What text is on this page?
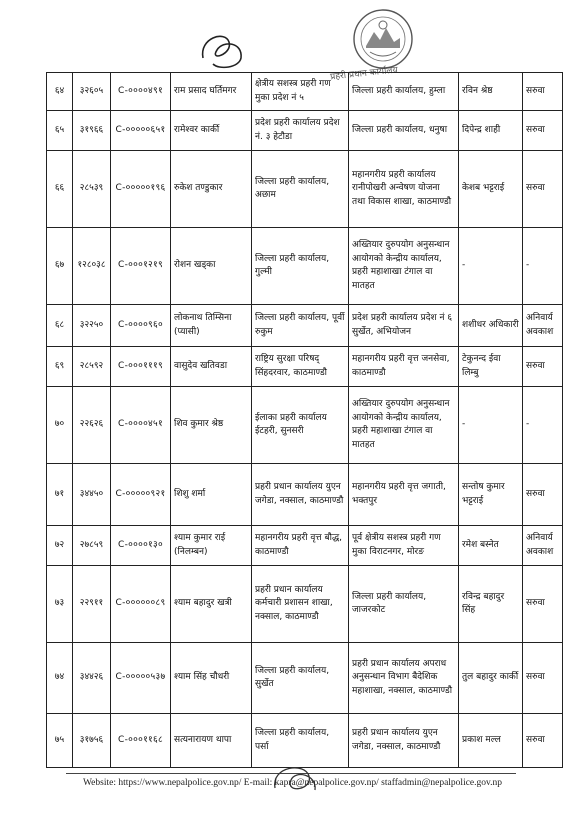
प्रहरी प्रधान कार्यालय
६४	३२६०५	C-००००४९१	राम प्रसाद घर्तिमगर	क्षेत्रीय सशस्त्र प्रहरी गण मुका प्रदेश नं ५	जिल्ला प्रहरी कार्यालय, हुम्ला	रविन श्रेष्ठ	सरुवा
६५	३१९६६	C-०००००६५१	रामेश्वर कार्की	प्रदेश प्रहरी कार्यालय प्रदेश नं. ३ हेटौडा	जिल्ला प्रहरी कार्यालय, धनुषा	दिपेन्द्र शाही	सरुवा
६६	२८५३९	C-०००००१९६	रुकेश तण्डुकार	जिल्ला प्रहरी कार्यालय, अछाम	महानगरीय प्रहरी कार्यालय रानीपोखरी अन्वेषण योजना तथा विकास शाखा, काठमाण्डौ	केशब भट्टराई	सरुवा
६७	१२८०३८	C-०००१२१९	रोशन खड्का	जिल्ला प्रहरी कार्यालय, गुल्मी	अख्तियार दुरुपयोग अनुसन्धान आयोगको केन्द्रीय कार्यालय, प्रहरी महाशाखा टंगाल वा मातहत	-	-
६८	३२२५०	C-००००९६०	लोकनाथ तिम्सिना (प्यासी)	जिल्ला प्रहरी कार्यालय, पूर्वी रुकुम	प्रदेश प्रहरी कार्यालय प्रदेश नं ६ सुर्खेत, अभियोजन	शशीधर अधिकारी	अनिवार्य अवकाश
६९	२८५९२	C-०००१११९	वासुदेव खतिवडा	राष्ट्रिय सुरक्षा परिषद् सिंहदरवार, काठमाण्डौ	महानगरीय प्रहरी वृत्त जनसेवा, काठमाण्डौ	टेकुनन्द ईवा लिम्बु	सरुवा
७०	२२६२६	C-००००४५१	शिव कुमार श्रेष्ठ	ईलाका प्रहरी कार्यालय ईटहरी, सुनसरी	अख्तियार दुरुपयोग अनुसन्धान आयोगको केन्द्रीय कार्यालय, प्रहरी महाशाखा टंगाल वा मातहत	-	-
७१	३४४५०	C-०००००९२१	शिशु शर्मा	प्रहरी प्रधान कार्यालय युएन जगेडा, नक्साल, काठमाण्डौ	महानगरीय प्रहरी वृत्त जगाती, भक्तपुर	सन्तोष कुमार भट्टराई	सरुवा
७२	२७८५९	C-००००१३०	श्याम कुमार राई (निलम्बन)	महानगरीय प्रहरी वृत्त बौद्ध, काठमाण्डौ	पूर्व क्षेत्रीय सशस्त्र प्रहरी गण मुका विराटनगर, मोरङ	रमेश बस्नेत	अनिवार्य अवकाश
७३	२२९११	C-००००००८९	श्याम बहादुर खत्री	प्रहरी प्रधान कार्यालय कर्मचारी प्रशासन शाखा, नक्साल, काठमाण्डौ	जिल्ला प्रहरी कार्यालय, जाजरकोट	रविन्द्र बहादुर सिंह	सरुवा
७४	३४४२६	C-०००००५३७	श्याम सिंह चौधरी	जिल्ला प्रहरी कार्यालय, सुर्खेत	प्रहरी प्रधान कार्यालय अपराध अनुसन्धान विभाग बैदेशिक महाशाखा, नक्साल, काठमाण्डौ	तुल बहादुर कार्की	सरुवा
७५	३१७५६	C-०००११६८	सत्यनारायण थापा	जिल्ला प्रहरी कार्यालय, पर्सा	प्रहरी प्रधान कार्यालय युएन जगेडा, नक्साल, काठमाण्डौ	प्रकाश मल्ल	सरुवा
Website: https://www.nepalpolice.gov.np/ E-mail: kapra@nepalpolice.gov.np/ staffadmin@nepalpolice.gov.np
